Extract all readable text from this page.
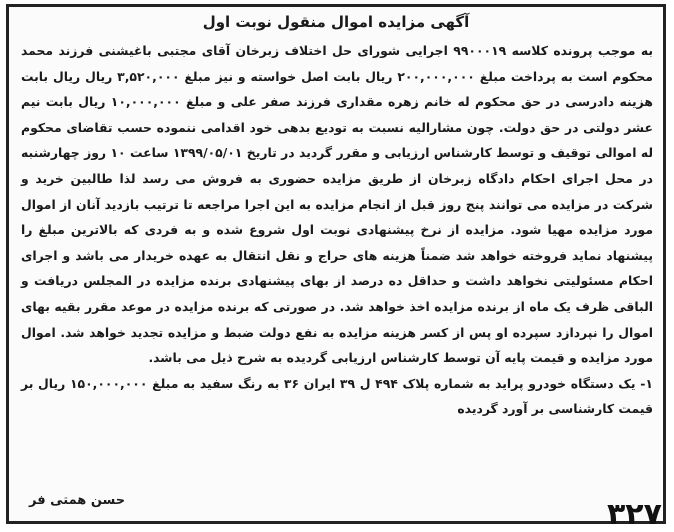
آگهی مزایده اموال منقول نوبت اول
به موجب پرونده کلاسه ۹۹۰۰۰۱۹ اجرایی شورای حل اختلاف زبرخان آقای مجتبی باغیشنی فرزند محمد محکوم است به پرداخت مبلغ ۲۰۰,۰۰۰,۰۰۰ ریال بابت اصل خواسته و نیز مبلغ ۳,۵۲۰,۰۰۰ ریال ریال بابت هزینه دادرسی در حق محکوم له خانم زهره مقداری فرزند صفر علی و مبلغ ۱۰,۰۰۰,۰۰۰ ریال بابت نیم عشر دولتی در حق دولت. چون مشارالیه نسبت به تودیع بدهی خود اقدامی ننموده حسب تقاضای محکوم له اموالی توقیف و توسط کارشناس ارزیابی و مقرر گردید در تاریخ ۱۳۹۹/۰۵/۰۱ ساعت ۱۰ روز چهارشنبه در محل اجرای احکام دادگاه زبرخان از طریق مزایده حضوری به فروش می رسد لذا طالبین خرید و شرکت در مزایده می توانند پنج روز قبل از انجام مزایده به این اجرا مراجعه تا ترتیب بازدید آنان از اموال مورد مزایده مهیا شود. مزایده از نرخ پیشنهادی نوبت اول شروع شده و به فردی که بالاترین مبلغ را پیشنهاد نماید فروخته خواهد شد ضمناً هزینه های حراج و نقل انتقال به عهده خریدار می باشد و اجرای احکام مسئولیتی نخواهد داشت و حداقل ده درصد از بهای پیشنهادی برنده مزایده در المجلس دریافت و الباقی ظرف یک ماه از برنده مزایده اخذ خواهد شد. در صورتی که برنده مزایده در موعد مقرر بقیه بهای اموال را نپردازد سپرده او پس از کسر هزینه مزایده به نفع دولت ضبط و مزایده تجدید خواهد شد. اموال مورد مزایده و قیمت پایه آن توسط کارشناس ارزیابی گردیده به شرح ذیل می باشد.
۱- یک دستگاه خودرو پراید به شماره پلاک ۴۹۴ ل ۳۹ ایران ۳۶ به رنگ سفید به مبلغ ۱۵۰,۰۰۰,۰۰۰ ریال بر قیمت کارشناسی بر آورد گردیده
حسن همتی فر	۳۲۷
